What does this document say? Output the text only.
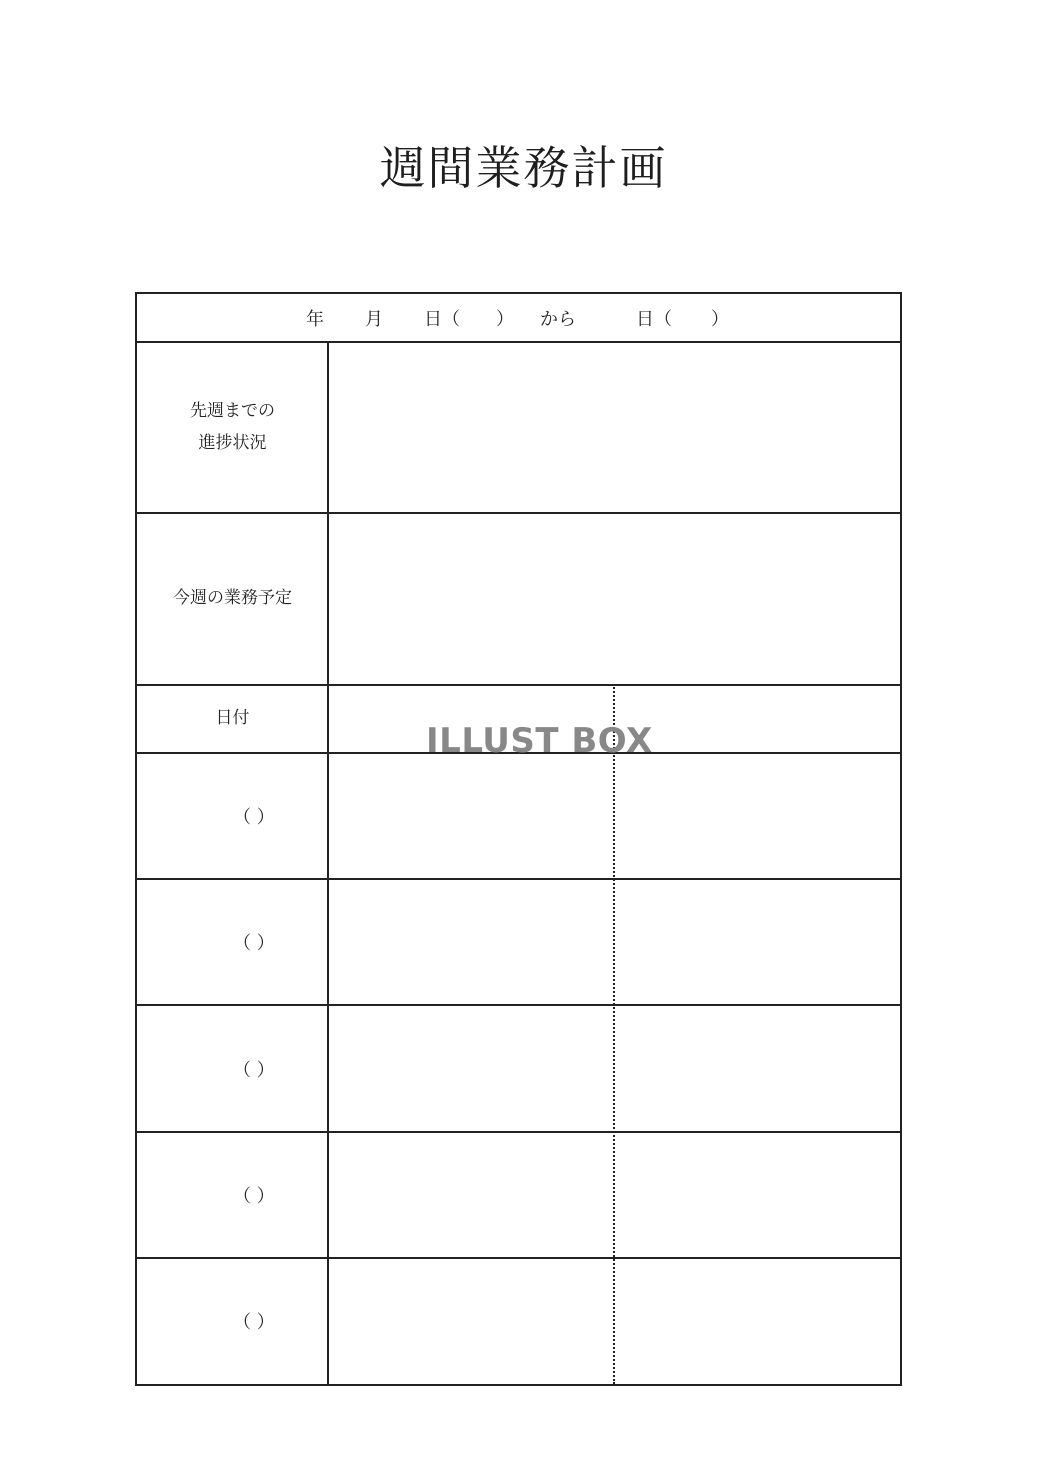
週間業務計画
年 月 日（ ） から	日（ ）
先週までの
進捗状況
今週の業務予定
日付
（ ）
（ ）
（ ）
（ ）
（ ）
ILLUST BOX
